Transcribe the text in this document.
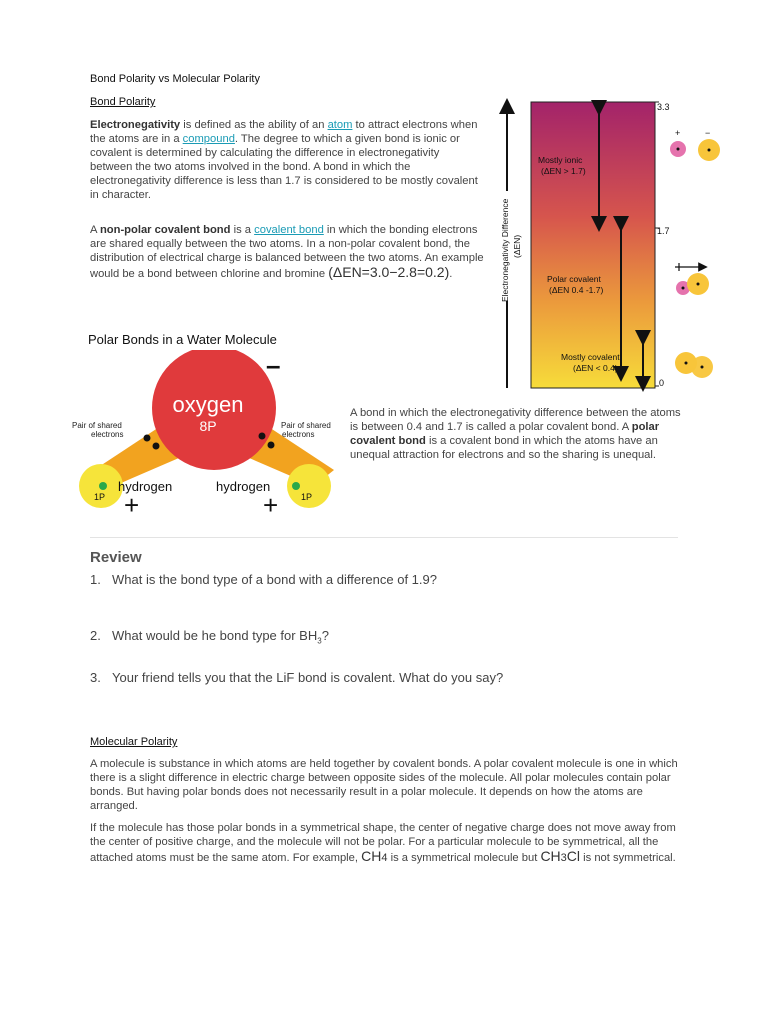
Bond Polarity vs Molecular Polarity
Bond Polarity
Electronegativity is defined as the ability of an atom to attract electrons when the atoms are in a compound. The degree to which a given bond is ionic or covalent is determined by calculating the difference in electronegativity between the two atoms involved in the bond. A bond in which the electronegativity difference is less than 1.7 is considered to be mostly covalent in character.
A non-polar covalent bond is a covalent bond in which the bonding electrons are shared equally between the two atoms. In a non-polar covalent bond, the distribution of electrical charge is balanced between the two atoms. An example would be a bond between chlorine and bromine (ΔEN=3.0−2.8=0.2).
Polar Bonds in a Water Molecule
oxygen
8P
–
Pair of shared
electrons
Pair of shared
electrons
1P	1P
hydrogen	hydrogen
+	+
A bond in which the electronegativity difference between the atoms is between 0.4 and 1.7 is called a polar covalent bond. A polar covalent bond is a covalent bond in which the atoms have an unequal attraction for electrons and so the sharing is unequal.
Electronegativity Difference (ΔEN)
3.3
1.7
0
Mostly ionic
(ΔEN > 1.7)
Polar covalent
(ΔEN 0.4 -1.7)
Mostly covalent
(ΔEN < 0.4)
+	−
Review
1. What is the bond type of a bond with a difference of 1.9?
2. What would be he bond type for $BH_3$?
3. Your friend tells you that the LiF bond is covalent. What do you say?
Molecular Polarity
A molecule is substance in which atoms are held together by covalent bonds. A polar covalent molecule is one in which there is a slight difference in electric charge between opposite sides of the molecule. All polar molecules contain polar bonds. But having polar bonds does not necessarily result in a polar molecule. It depends on how the atoms are arranged.
If the molecule has those polar bonds in a symmetrical shape, the center of negative charge does not move away from the center of positive charge, and the molecule will not be polar. For a particular molecule to be symmetrical, all the attached atoms must be the same atom. For example, CH4 is a symmetrical molecule but CH3Cl is not symmetrical.
